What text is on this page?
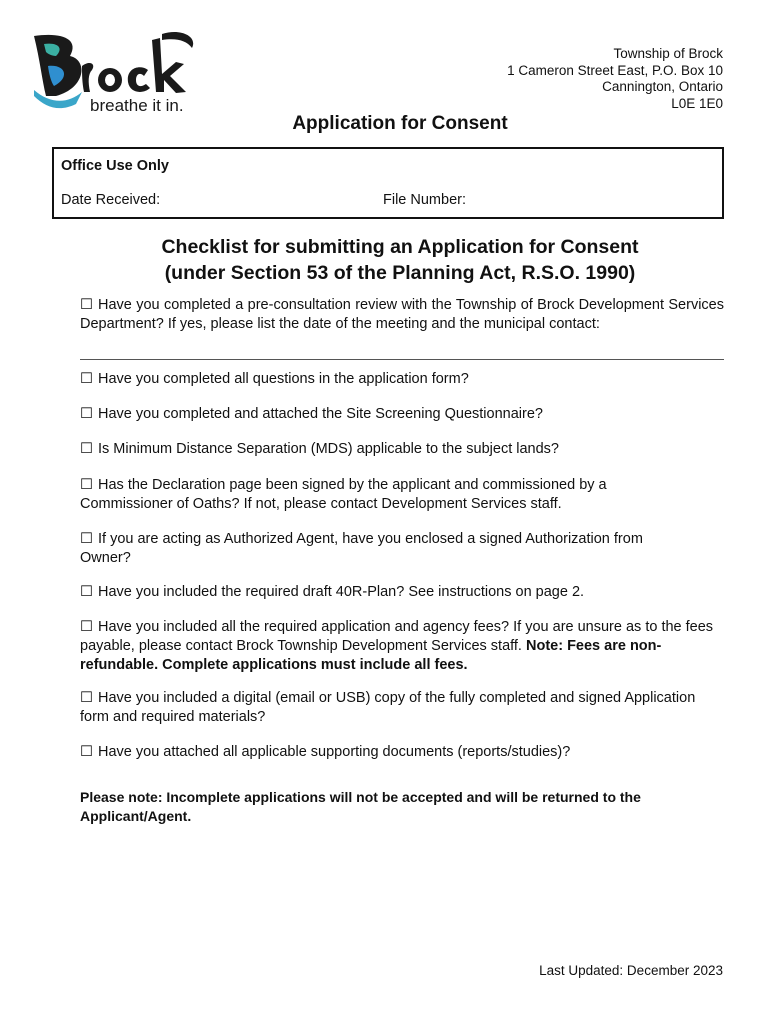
breathe it in.
Township of Brock
1 Cameron Street East, P.O. Box 10
Cannington, Ontario
L0E 1E0
Application for Consent
Office Use Only
Date Received:	File Number:
Checklist for submitting an Application for Consent
(under Section 53 of the Planning Act, R.S.O. 1990)
☐ Have you completed a pre-consultation review with the Township of Brock Development Services Department? If yes, please list the date of the meeting and the municipal contact:
☐ Have you completed all questions in the application form?
☐ Have you completed and attached the Site Screening Questionnaire?
☐ Is Minimum Distance Separation (MDS) applicable to the subject lands?
☐ Has the Declaration page been signed by the applicant and commissioned by a Commissioner of Oaths? If not, please contact Development Services staff.
☐ If you are acting as Authorized Agent, have you enclosed a signed Authorization from Owner?
☐ Have you included the required draft 40R-Plan? See instructions on page 2.
☐ Have you included all the required application and agency fees? If you are unsure as to the fees payable, please contact Brock Township Development Services staff. Note: Fees are non-refundable. Complete applications must include all fees.
☐ Have you included a digital (email or USB) copy of the fully completed and signed Application form and required materials?
☐ Have you attached all applicable supporting documents (reports/studies)?
Please note: Incomplete applications will not be accepted and will be returned to the Applicant/Agent.
Last Updated: December 2023
